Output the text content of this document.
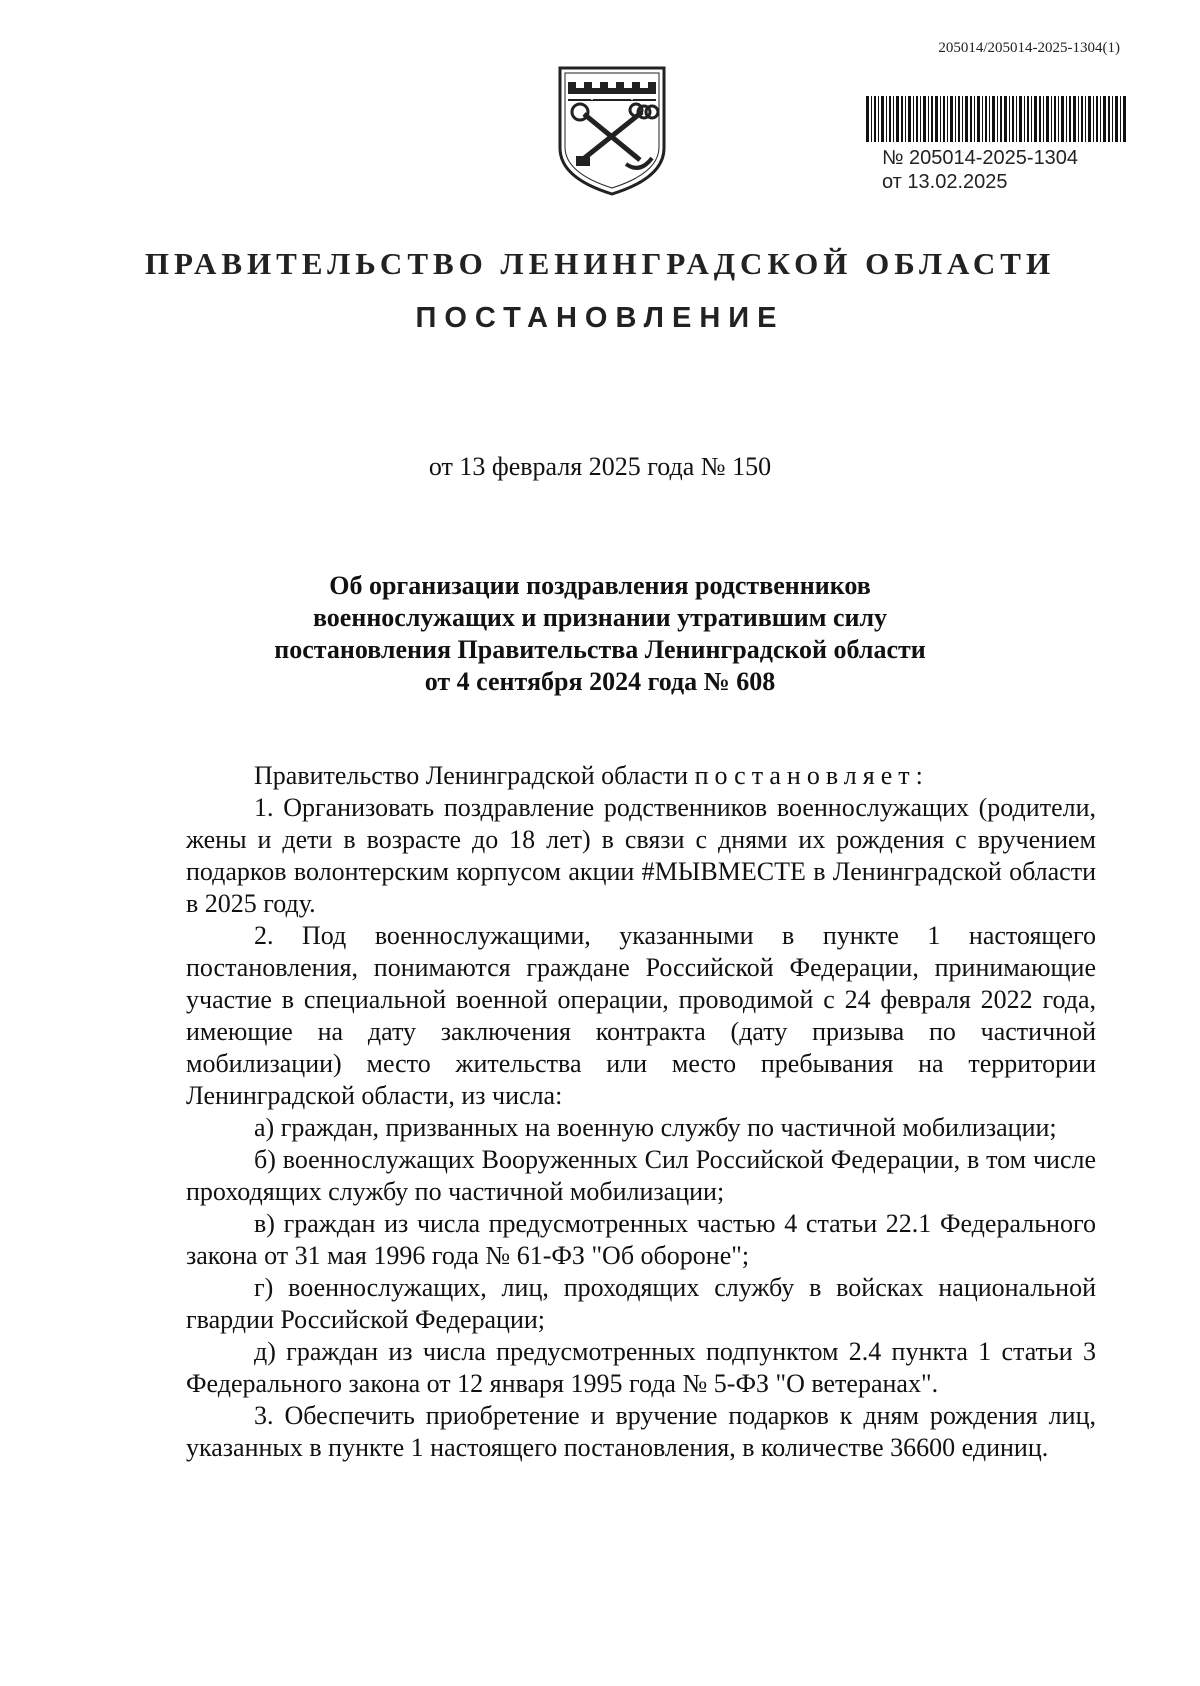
205014/205014-2025-1304(1)
№ 205014-2025-1304
от 13.02.2025
ПРАВИТЕЛЬСТВО ЛЕНИНГРАДСКОЙ ОБЛАСТИ
ПОСТАНОВЛЕНИЕ
от 13 февраля 2025 года № 150
Об организации поздравления родственников
военнослужащих и признании утратившим силу
постановления Правительства Ленинградской области
от 4 сентября 2024 года № 608

Правительство Ленинградской области постановляет:

1. Организовать поздравление родственников военнослужащих (родители, жены и дети в возрасте до 18 лет) в связи с днями их рождения с вручением подарков волонтерским корпусом акции #МЫВМЕСТЕ в Ленинградской области в 2025 году.

2. Под военнослужащими, указанными в пункте 1 настоящего постановления, понимаются граждане Российской Федерации, принимающие участие в специальной военной операции, проводимой с 24 февраля 2022 года, имеющие на дату заключения контракта (дату призыва по частичной мобилизации) место жительства или место пребывания на территории Ленинградской области, из числа:

а) граждан, призванных на военную службу по частичной мобилизации;

б) военнослужащих Вооруженных Сил Российской Федерации, в том числе проходящих службу по частичной мобилизации;

в) граждан из числа предусмотренных частью 4 статьи 22.1 Федерального закона от 31 мая 1996 года № 61-ФЗ "Об обороне";

г) военнослужащих, лиц, проходящих службу в войсках национальной гвардии Российской Федерации;

д) граждан из числа предусмотренных подпунктом 2.4 пункта 1 статьи 3 Федерального закона от 12 января 1995 года № 5-ФЗ "О ветеранах".

3. Обеспечить приобретение и вручение подарков к дням рождения лиц, указанных в пункте 1 настоящего постановления, в количестве 36600 единиц.
